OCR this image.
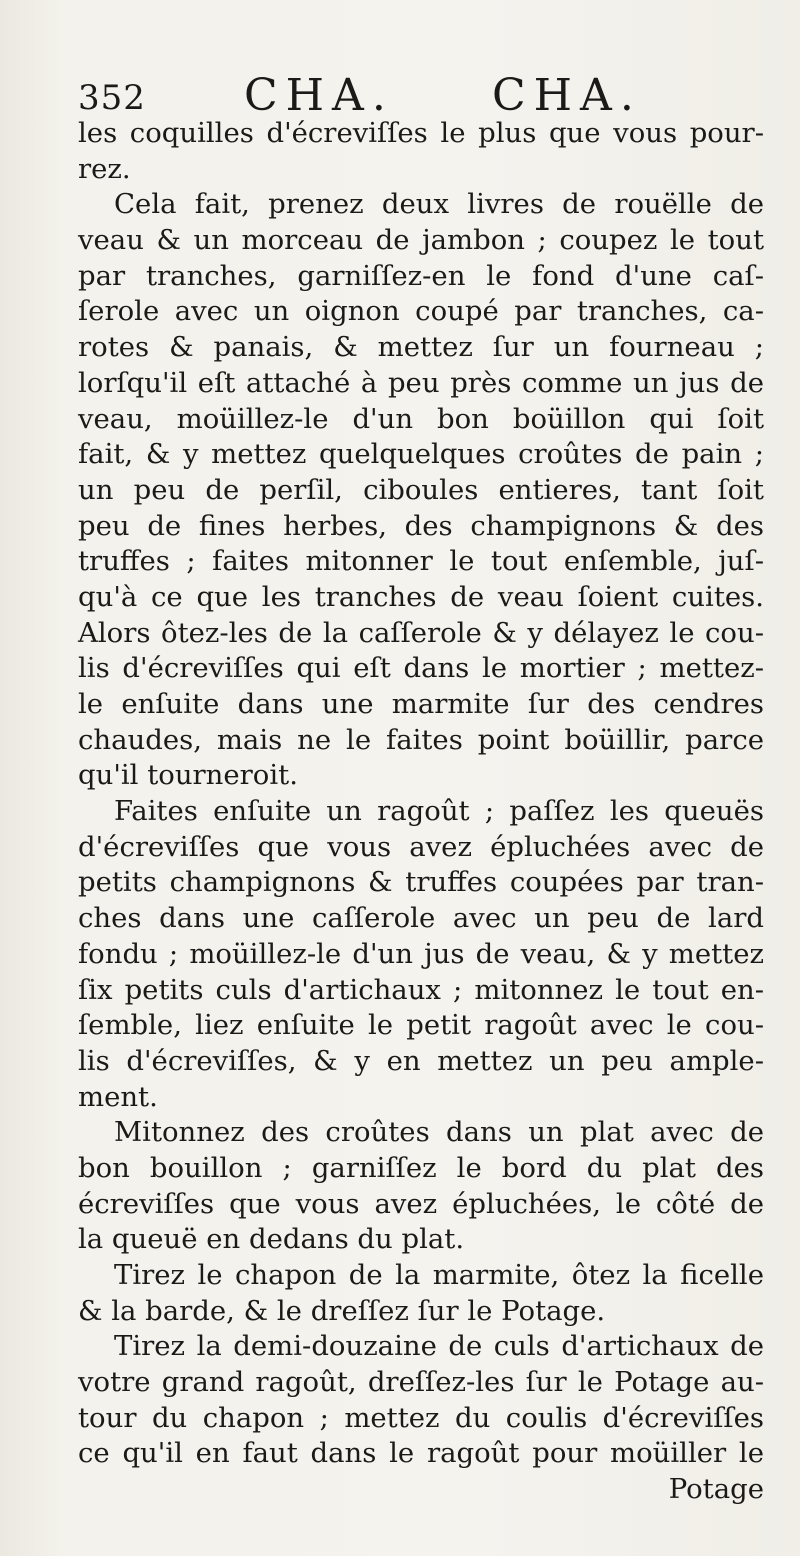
352 CHA. CHA.
les coquilles d'écreviſſes le plus que vous pour-
rez.
Cela fait, prenez deux livres de rouëlle de
veau & un morceau de jambon ; coupez le tout
par tranches, garniſſez-en le fond d'une caſ-
ſerole avec un oignon coupé par tranches, ca-
rotes & panais, & mettez ſur un fourneau ;
lorſqu'il eſt attaché à peu près comme un jus de
veau, moüillez-le d'un bon boüillon qui ſoit
fait, & y mettez quelquelques croûtes de pain ;
un peu de perſil, ciboules entieres, tant ſoit
peu de fines herbes, des champignons & des
truffes ; faites mitonner le tout enſemble, juſ-
qu'à ce que les tranches de veau ſoient cuites.
Alors ôtez-les de la caſſerole & y délayez le cou-
lis d'écreviſſes qui eſt dans le mortier ; mettez-
le enſuite dans une marmite ſur des cendres
chaudes, mais ne le faites point boüillir, parce
qu'il tourneroit.
Faites enſuite un ragoût ; paſſez les queuës
d'écreviſſes que vous avez épluchées avec de
petits champignons & truffes coupées par tran-
ches dans une caſſerole avec un peu de lard
fondu ; moüillez-le d'un jus de veau, & y mettez
ſix petits culs d'artichaux ; mitonnez le tout en-
ſemble, liez enſuite le petit ragoût avec le cou-
lis d'écreviſſes, & y en mettez un peu ample-
ment.
Mitonnez des croûtes dans un plat avec de
bon bouillon ; garniſſez le bord du plat des
écreviſſes que vous avez épluchées, le côté de
la queuë en dedans du plat.
Tirez le chapon de la marmite, ôtez la ficelle
& la barde, & le dreſſez ſur le Potage.
Tirez la demi-douzaine de culs d'artichaux de
votre grand ragoût, dreſſez-les ſur le Potage au-
tour du chapon ; mettez du coulis d'écreviſſes
ce qu'il en faut dans le ragoût pour moüiller le
Potage
